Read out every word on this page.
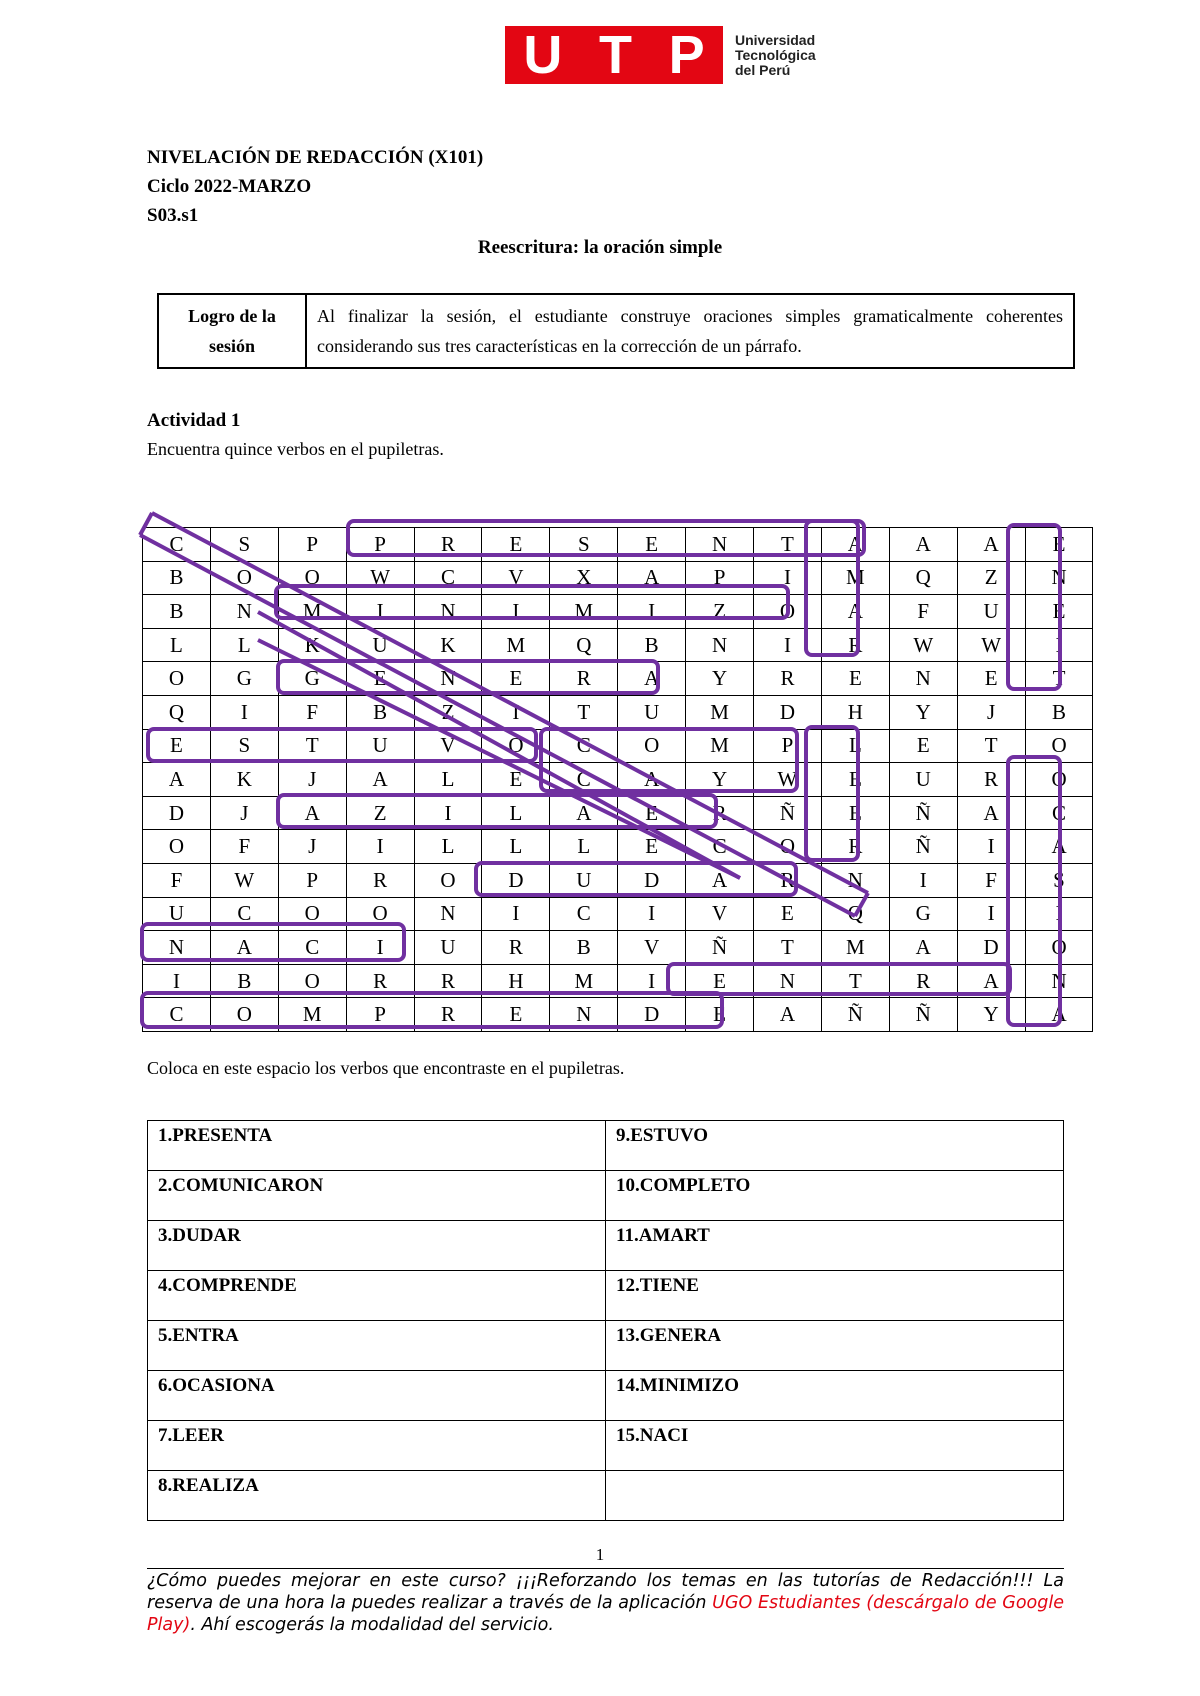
U T P Universidad
Tecnológica
del Perú
NIVELACIÓN DE REDACCIÓN (X101)
Ciclo 2022-MARZO
S03.s1
Reescritura: la oración simple
Logro de la sesión	Al finalizar la sesión, el estudiante construye oraciones simples gramaticalmente coherentes considerando sus tres características en la corrección de un párrafo.
Actividad 1
Encuentra quince verbos en el pupiletras.
C	S	P	P	R	E	S	E	N	T	A	A	A	E
B	O	O	W	C	V	X	A	P	I	M	Q	Z	N
B	N	M	I	N	I	M	I	Z	O	A	F	U	E
L	L	K	U	K	M	Q	B	N	I	R	W	W	I
O	G	G	E	N	E	R	A	Y	R	E	N	E	T
Q	I	F	B	Z	I	T	U	M	D	H	Y	J	B
E	S	T	U	V	O	C	O	M	P	L	E	T	O
A	K	J	A	L	E	C	A	Y	W	E	U	R	O
D	J	A	Z	I	L	A	E	R	Ñ	E	Ñ	A	C
O	F	J	I	L	L	L	E	C	O	R	Ñ	I	A
F	W	P	R	O	D	U	D	A	R	N	I	F	S
U	C	O	O	N	I	C	I	V	E	Q	G	I	I
N	A	C	I	U	R	B	V	Ñ	T	M	A	D	O
I	B	O	R	R	H	M	I	E	N	T	R	A	N
C	O	M	P	R	E	N	D	E	A	Ñ	Ñ	Y	A
Coloca en este espacio los verbos que encontraste en el pupiletras.
1.PRESENTA	9.ESTUVO
2.COMUNICARON	10.COMPLETO
3.DUDAR	11.AMART
4.COMPRENDE	12.TIENE
5.ENTRA	13.GENERA
6.OCASIONA	14.MINIMIZO
7.LEER	15.NACI
8.REALIZA	
1
¿Cómo puedes mejorar en este curso? ¡¡¡Reforzando los temas en las tutorías de Redacción!!! La reserva de una hora la puedes realizar a través de la aplicación UGO Estudiantes (descárgalo de Google Play). Ahí escogerás la modalidad del servicio.
